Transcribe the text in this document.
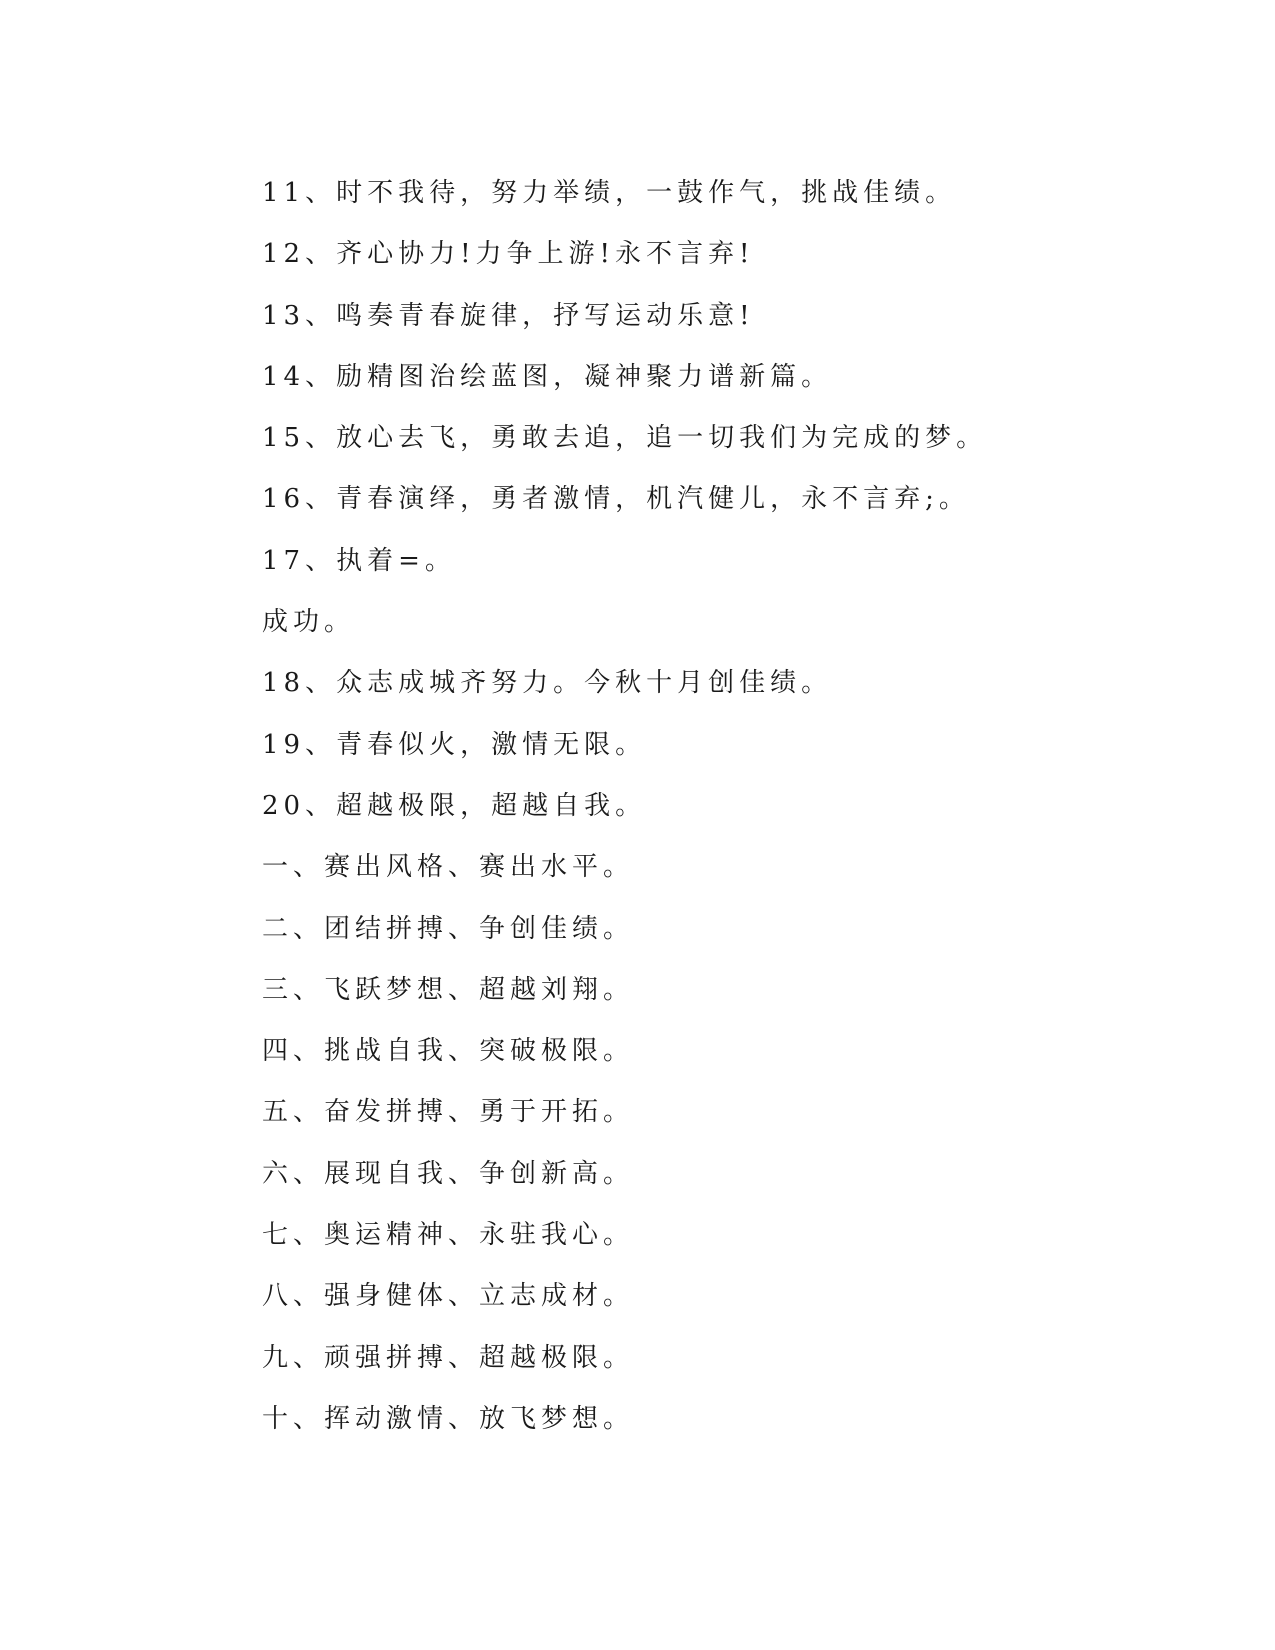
11、时不我待，努力举绩，一鼓作气，挑战佳绩。
12、齐心协力!力争上游!永不言弃!
13、鸣奏青春旋律，抒写运动乐意!
14、励精图治绘蓝图，凝神聚力谱新篇。
15、放心去飞，勇敢去追，追一切我们为完成的梦。
16、青春演绎，勇者激情，机汽健儿，永不言弃;。
17、执着=。
成功。
18、众志成城齐努力。今秋十月创佳绩。
19、青春似火，激情无限。
20、超越极限，超越自我。
一、赛出风格、赛出水平。
二、团结拼搏、争创佳绩。
三、飞跃梦想、超越刘翔。
四、挑战自我、突破极限。
五、奋发拼搏、勇于开拓。
六、展现自我、争创新高。
七、奥运精神、永驻我心。
八、强身健体、立志成材。
九、顽强拼搏、超越极限。
十、挥动激情、放飞梦想。
